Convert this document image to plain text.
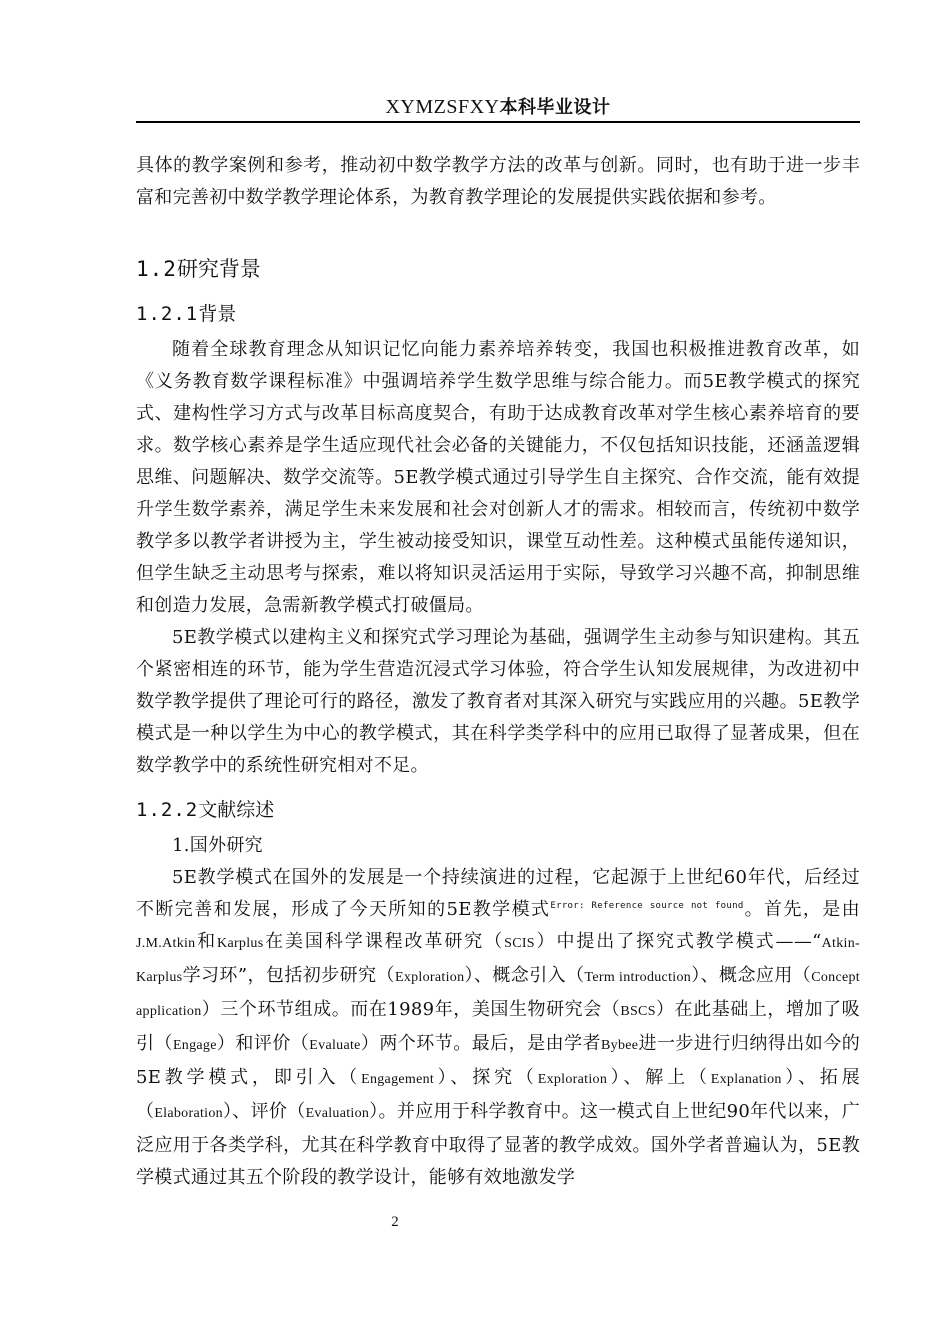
XYMZSFXY本科毕业设计

具体的教学案例和参考，推动初中数学教学方法的改革与创新。同时，也有助于进一步丰富和完善初中数学教学理论体系，为教育教学理论的发展提供实践依据和参考。

1.2研究背景
1.2.1背景

随着全球教育理念从知识记忆向能力素养培养转变，我国也积极推进教育改革，如《义务教育数学课程标准》中强调培养学生数学思维与综合能力。而5E教学模式的探究式、建构性学习方式与改革目标高度契合，有助于达成教育改革对学生核心素养培育的要求。数学核心素养是学生适应现代社会必备的关键能力，不仅包括知识技能，还涵盖逻辑思维、问题解决、数学交流等。5E教学模式通过引导学生自主探究、合作交流，能有效提升学生数学素养，满足学生未来发展和社会对创新人才的需求。相较而言，传统初中数学教学多以教学者讲授为主，学生被动接受知识，课堂互动性差。这种模式虽能传递知识，但学生缺乏主动思考与探索，难以将知识灵活运用于实际，导致学习兴趣不高，抑制思维和创造力发展，急需新教学模式打破僵局。

5E教学模式以建构主义和探究式学习理论为基础，强调学生主动参与知识建构。其五个紧密相连的环节，能为学生营造沉浸式学习体验，符合学生认知发展规律，为改进初中数学教学提供了理论可行的路径，激发了教育者对其深入研究与实践应用的兴趣。5E教学模式是一种以学生为中心的教学模式，其在科学类学科中的应用已取得了显著成果，但在数学教学中的系统性研究相对不足。

1.2.2文献综述

1.国外研究

5E教学模式在国外的发展是一个持续演进的过程，它起源于上世纪60年代，后经过不断完善和发展，形成了今天所知的5E教学模式$^{Error: Reference source not found}$。首先，是由J.M.Atkin和Karplus在美国科学课程改革研究（SCIS）中提出了探究式教学模式——“Atkin-Karplus学习环”，包括初步研究（Exploration）、概念引入（Term introduction）、概念应用（Concept application）三个环节组成。而在1989年，美国生物研究会（BSCS）在此基础上，增加了吸引（Engage）和评价（Evaluate）两个环节。最后，是由学者Bybee进一步进行归纳得出如今的5E教学模式，即引入（Engagement）、探究（Exploration）、解上（Explanation）、拓展（Elaboration）、评价（Evaluation）。并应用于科学教育中。这一模式自上世纪90年代以来，广泛应用于各类学科，尤其在科学教育中取得了显著的教学成效。国外学者普遍认为，5E教学模式通过其五个阶段的教学设计，能够有效地激发学

2
